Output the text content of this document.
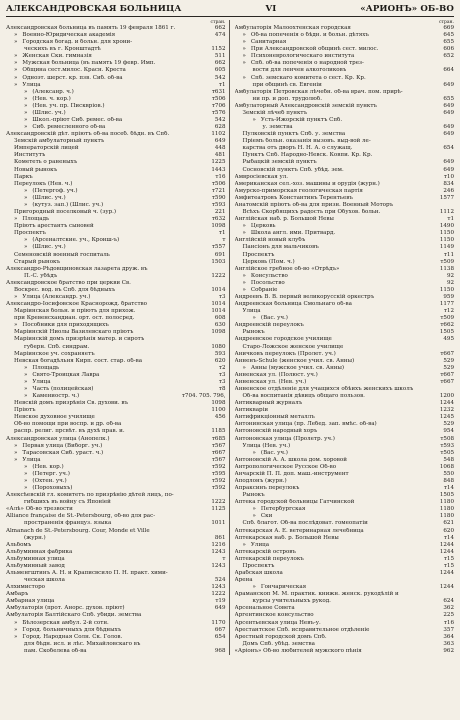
АЛЕКСАНДРОВСКАЯ БОЛЬНИЦА	VI	«АРИОНЪ» ОБ-ВО
стран.
Александровская больница въ память 19 февраля 1861 г.	662
» Военно-Юридическая академія	474
» Городская богад. и больн. для хрони-
ческихъ въ г. Кронштадтѣ	1152
» Женская Ски. гимназія	511
» Мужская больница (въ память 19 февр. Имп.	662
» Община сест.милос. Красн. Креста	605
» Одноэт. шерст. кр. пзв. Сиб. об-ва	542
» Улица	т1
» (Алексанр. ч.)	т631
» (Нев. ч. кор.)	т506
» (Нев. уч. пр. Писквріов.)	т706
» (Шлис. уч.)	т576
» Школ.-пріют Сиб. ремес. об-ва	542
» Сиб. ремесленного об-ва	628
Александровскій дѣт. пріютъ об-ва посеб. бѣдн. въ Спб.	1102
Земскій амбулаторный пунктъ	649
Императорскій лицей	448
Институтъ	481
Комететь о раненыхъ	1225
Новый рынокъ	1443
Паркъ	т16
Переулокъ (Нев. ч.)	т506
» (Петергоф. уч.)	т721
» (Шлис. уч.)	т590
» (кутуз. зап.) (Шлис. уч.)	т593
Пригородный поселковый ч. (зур.)	221
» Площадь	т632
Пріютъ арестантъ сыновей	1098
Проспектъ	т1
» (Арсеналтские. уч., Кронш-ъ)	т
» (Шлис. уч.)	т557
Семеновскій военный госпиталь	691
Старый рынокъ	1503
Александро-Рѣдовщиновская лазарета друж. въ
П.-С. убѣдъ	1222
Александровское братство при церкви Св.
Воскрес. вод. въ Спб. для бѣдныхъ	1014
» Улица (Александр. уч.)	т3
Александро-Іосифовское Краснорожд. братство	1014
Маріинская больн. и пріютъ для прихож.	1014
при Кревенсхандиан. орт. ост. полосред.	608
» Пособники для приходящихъ	630
Маріинскій Ниолы Вазилевскаго пріютъ	1098
Маріинскій домъ призрѣнія матер. и сиротъ
губерн. Спб. синдрам.	1080
Маріинское уч. сохраняетъ	593
Невская богадѣльня Кирп. сост. стар. об-ва	620
» Площадь	т2
» Свято-Троицкая Лавра	т3
» Улица	т3
» Часть (полицейская)	т8
» Камениостр. ч.)	т704. 705. 796,
Невскій домъ призрѣнія Св. духови. въ	1098
Пріютъ	1100
Невское духовное училище	456
Об-во помощи при воспр. и др. об-ва
распр. религ. прсвѣт. въ духѣ прав. и.	1185
Александровская улица (Анопелк.)	т685
» Первая улица (Виборг. уч.)	т567
» Тарасовская Сиб. ураст. ч.)	т667
» Улица	т567
» (Нев. кор.)	т592
» (Петерг. уч.)	т595
» (Охтен. уч.)	т592
» (Пороховыхъ)	т592
Алексѣевскій гл. комитетъ по призрѣнію дѣтей лицъ, по-
гибшихъ въ войну съ Японіей	1222
«Алѣ» Об-во трезвости	1125
Alliance française de St.-Petersbourg, об-во для рас-
пространенія француз. языка	1011
Almanach de St.-Petersbourg. Cour, Monde et Ville
(журн.)	861
Альбомъ	1216
Альбуминная фабрика	1243
Альбуминная улица	т
Альбуминный завод	1243
Альменгштинъ А. Н. и Краписвсило П. Н. практ. хими-
ческая школа	524
Алхимисторо	1243
Амбаръ	1222
Амбарная улица	т19
Амбулаторія (прот. Анорс. духов. пріют)	649
Амбулаторія Балтійскаго Спб. убиди. земства
» Бѣлозерская амбул. 2-й сотн.	1170
» Город. больничныхъ для бѣдныхъ	667
» Город. Народная Солн. Ск. Голов.	654
для бѣдн. исл. и лѣс. Михайловскаго въ
пам. Скобелева об-ва	968
стран.
Амбулаторія Малоохтенская городская	669
» Об-ва попеченія о бѣдн. и больн. дѣтяхъ	645
» Санитарная	655
» При Александровской общинѣ сест. милос.	606
» Психоневрологическаго института	652
» Спб. об-ва попеченія о народной трез-
вости для ленчен алкоголиковъ	664
» Спб. земскаго комитета о сест. Кр. Кр.
при общинѣ св. Евгеніи	649
Амбулаторія Петровская лѣчебн. об-ва врач. пом. прирѣ-
ни пр. и доп. трудолюб.	655
Амбулаторный Александровскій земскій пунктъ	649
Земскій лѣчеб пунктъ	649
» Усть-Ижорскій пунктъ Спб.
у. земства	649
Пулковскій пунктъ Спб. у. земства	649
Пріемъ больн. оказанія вызовъ. выд-вой ле-
карства отъ дворъ Н. Н. А. о служащ.	654
Пунктъ Спб. Народно-Невск. Ковпи. Кр. Кр.
Рыбацкій земскій пунктъ	649
Сосновскій пунктъ Спб. убѣд. зем.	649
Амвросіевская ул.	т10
Американская сел.-хоз. машины и орудія (журн.)	834
Амурско-приморская геологическая партія	246
Амфитеатровъ Константинъ Терентьевъ	1577
Анатомскій пріютъ об-ва для призн. Военный Моторъ
Всѣхъ Скорбящихъ радость при Обухов. больн.	1112
Англійская наб. р. Большой Невы	т1
» Церковь	1490
» Школа англ. ими. Притвард.	1150
Англійскій новый клубъ	1150
Пансіонъ для мальчиковъ	1149
Проспектъ	т11
Церковь (Пом. ч.)	т509
Англійское гребное об-во «Отрѣдъ»	1138
» Консульство	92
» Посольство	92
» Собраніе	1150
Андреевъ В. В. первый великорусскій оркестръ	959
Андреевская больница Смольнаго об-ва	1177
Улица	т12
» (Вас. уч.)	т509
Андреевскій переулокъ	т662
Рынокъ	1505
Андреевское городское училище	495
Старо-Ложское женское училище
Аничковъ переулокъ (Пролет. уч.)	т667
Анненъ-Schule (женское учил. св. Анны)	529
» Анны (мужское учил. св. Анны)	529
Анненская ул. (Полюст. уч.)	т667
Анненская ул. (Нев. уч.)	т667
Анненское отдѣленіе для учащихся обѣихъ женскихъ школъ
Об-ва воспитанія дѣвицъ общаго пользов.	1200
Антикварный журналъ	1244
Антикваріи	1232
Антифрикціонный металлъ	1245
Антонинская улица (пр. Лебед. зап. вмѣс. об-ва)	529
Антоновскій народный хоръ	954
Антоновская улица (Пролетр. уч.)	т508
Улица (Нев. уч.)	т593
» (Вас. уч.)	т505
Антоновскій А. А. школа дом. хоровой	548
Антропологическое Русское Об-во	1068
Анчарскій П. П. доп. маш.-инструмент	550
Аподлонъ (журн.)	848
Апраксинъ переулокъ	т14
Рынокъ	1505
Аптека городской больницы Гатчинской	1180
» Петербургская	1180
» Ски	1180
Спб. благот. Об-ва послѣдоват. гомеопатіи	621
Аптекарская А. Е. ветеринарная лечебница	620
Аптекарская наб. р. Большой Невы	т14
» Улица	1244
Аптекарскій островъ	1244
Аптекарскій переулокъ	т15
Проспектъ	т15
Арабская школа	1244
Арена
» Гончарическая	1244
Араманскоп М. М. практик. книжн. женск. рукодѣлій и
курсы учительныхъ рукод.	624
Арсенальное Совета	362
Аргентинское консульство	225
Арсентьевская улица Невъ-у.	т16
Арестантское Спб. исправительное отдѣленіе	357
Арестный городской домъ Спб.	364
Домъ Спб. убѣд. земства	363
«Аріонъ» Об-во любителей мужского пѣнія	962
